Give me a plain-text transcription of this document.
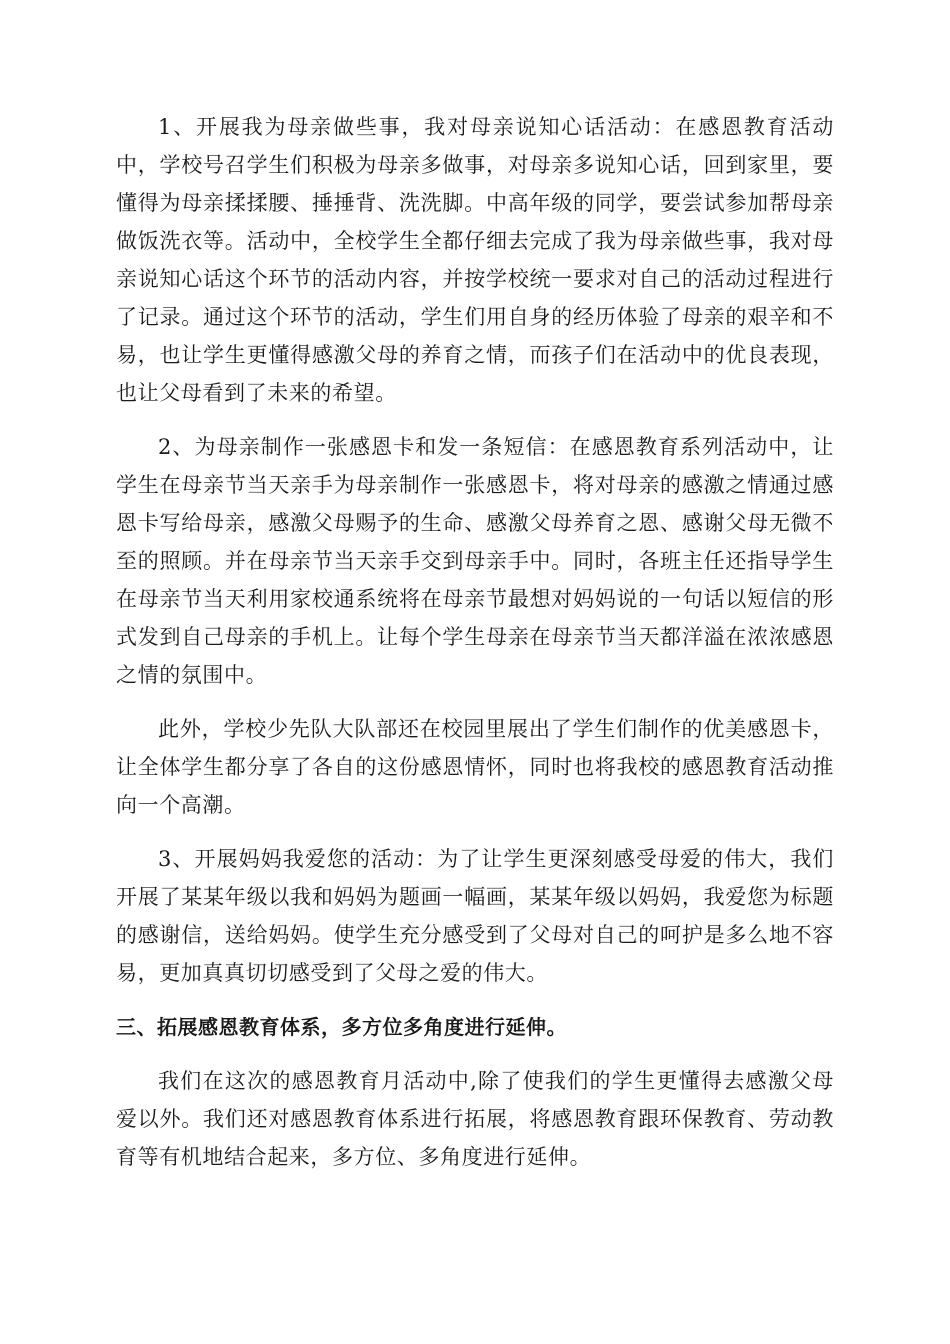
1、开展我为母亲做些事，我对母亲说知心话活动：在感恩教育活动中，学校号召学生们积极为母亲多做事，对母亲多说知心话，回到家里，要懂得为母亲揉揉腰、捶捶背、洗洗脚。中高年级的同学，要尝试参加帮母亲做饭洗衣等。活动中，全校学生全都仔细去完成了我为母亲做些事，我对母亲说知心话这个环节的活动内容，并按学校统一要求对自己的活动过程进行了记录。通过这个环节的活动，学生们用自身的经历体验了母亲的艰辛和不易，也让学生更懂得感激父母的养育之情，而孩子们在活动中的优良表现，也让父母看到了未来的希望。

2、为母亲制作一张感恩卡和发一条短信：在感恩教育系列活动中，让学生在母亲节当天亲手为母亲制作一张感恩卡，将对母亲的感激之情通过感恩卡写给母亲，感激父母赐予的生命、感激父母养育之恩、感谢父母无微不至的照顾。并在母亲节当天亲手交到母亲手中。同时，各班主任还指导学生在母亲节当天利用家校通系统将在母亲节最想对妈妈说的一句话以短信的形式发到自己母亲的手机上。让每个学生母亲在母亲节当天都洋溢在浓浓感恩之情的氛围中。

此外，学校少先队大队部还在校园里展出了学生们制作的优美感恩卡，让全体学生都分享了各自的这份感恩情怀，同时也将我校的感恩教育活动推向一个高潮。

3、开展妈妈我爱您的活动：为了让学生更深刻感受母爱的伟大，我们开展了某某年级以我和妈妈为题画一幅画，某某年级以妈妈，我爱您为标题的感谢信，送给妈妈。使学生充分感受到了父母对自己的呵护是多么地不容易，更加真真切切感受到了父母之爱的伟大。

三、拓展感恩教育体系，多方位多角度进行延伸。

我们在这次的感恩教育月活动中,除了使我们的学生更懂得去感激父母爱以外。我们还对感恩教育体系进行拓展，将感恩教育跟环保教育、劳动教育等有机地结合起来，多方位、多角度进行延伸。
